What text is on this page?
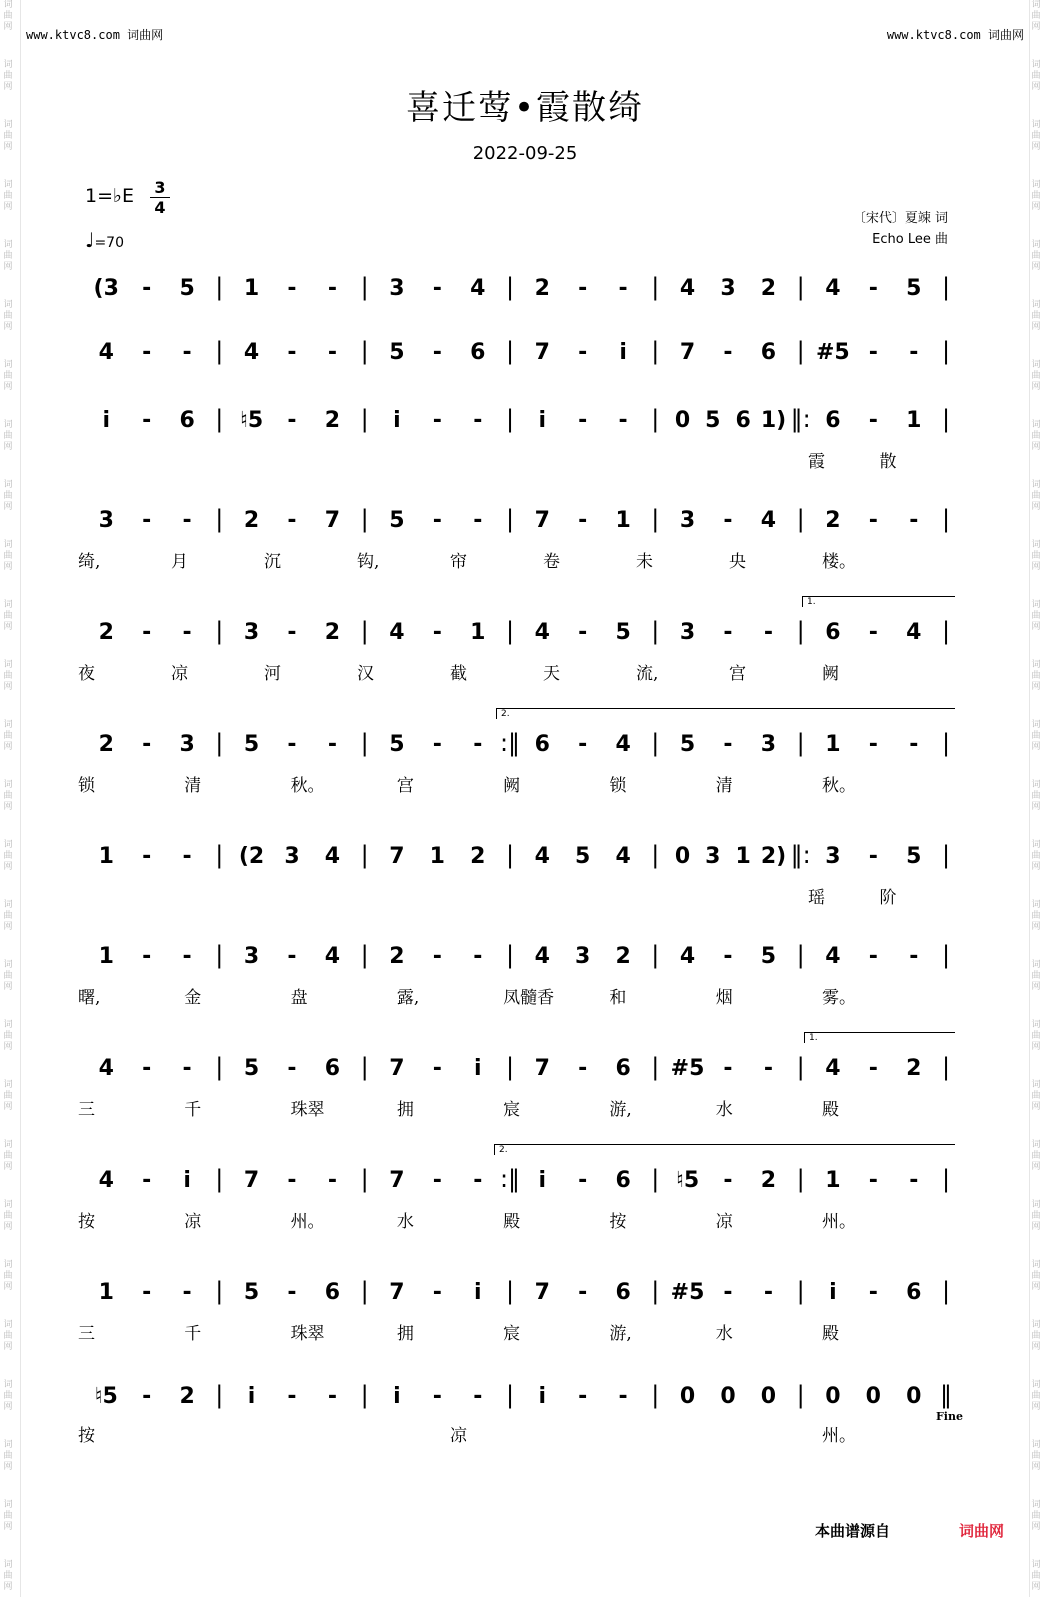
词
曲
网
词
曲
网
词
曲
网
词
曲
网
词
曲
网
词
曲
网
词
曲
网
词
曲
网
词
曲
网
词
曲
网
词
曲
网
词
曲
网
词
曲
网
词
曲
网
词
曲
网
词
曲
网
词
曲
网
词
曲
网
词
曲
网
词
曲
网
词
曲
网
词
曲
网
词
曲
网
词
曲
网
词
曲
网
词
曲
网
词
曲
网
词
曲
网
词
曲
网
词
曲
网
词
曲
网
词
曲
网
词
曲
网
词
曲
网
词
曲
网
词
曲
网
词
曲
网
词
曲
网
词
曲
网
词
曲
网
词
曲
网
词
曲
网
词
曲
网
词
曲
网
词
曲
网
词
曲
网
词
曲
网
词
曲
网
词
曲
网
词
曲
网
词
曲
网
词
曲
网
词
曲
网
词
曲
网
www.ktvc8.com 词曲网	www.ktvc8.com 词曲网
喜迁莺•霞散绮
2022-09-25
1=♭E $\frac{3}{4}$
♩=70
〔宋代〕夏竦 词
Echo Lee 曲
(3 - 5 | 1 - - | 3 - 4 | 2 - - | 4 3 2 | 4 - 5 |
4 - - | 4 - - | 5 - 6 | 7 - i | 7 - 6 | #5 - - |
i - 6 | ♮5 - 2 | i - - | i - - | 0 5 6 1) ‖: 6 - 1 |
霞	散
3 - - | 2 - 7 | 5 - - | 7 - 1 | 3 - 4 | 2 - - |
绮,	月	沉	钩,	帘	卷	未	央	楼。
2 - - | 3 - 2 | 4 - 1 | 4 - 5 | 3 - - | 6 - 4 |
夜	凉	河	汉	截	天	流,	宫	阙
2 - 3 | 5 - - | 5 - - :‖ 6 - 4 | 5 - 3 | 1 - - |
锁	清	秋。	宫	阙	锁	清	秋。
1 - - | (2 3 4 | 7 1 2 | 4 5 4 | 0 3 1 2) ‖: 3 - 5 |
瑶	阶
1 - - | 3 - 4 | 2 - - | 4 3 2 | 4 - 5 | 4 - - |
曙,	金	盘	露,	凤髓香	和	烟	雾。
4 - - | 5 - 6 | 7 - i | 7 - 6 | #5 - - | 4 - 2 |
三	千	珠翠	拥	宸	游,	水	殿
4 - i | 7 - - | 7 - - :‖ i - 6 | ♮5 - 2 | 1 - - |
按	凉	州。	水	殿	按	凉	州。
1 - - | 5 - 6 | 7 - i | 7 - 6 | #5 - - | i - 6 |
三	千	珠翠	拥	宸	游,	水	殿
♮5 - 2 | i - - | i - - | i - - | 0 0 0 | 0 0 0 ‖
按	凉	州。
本曲谱源自	词曲网
Fine
1.
2.
1.
2.
